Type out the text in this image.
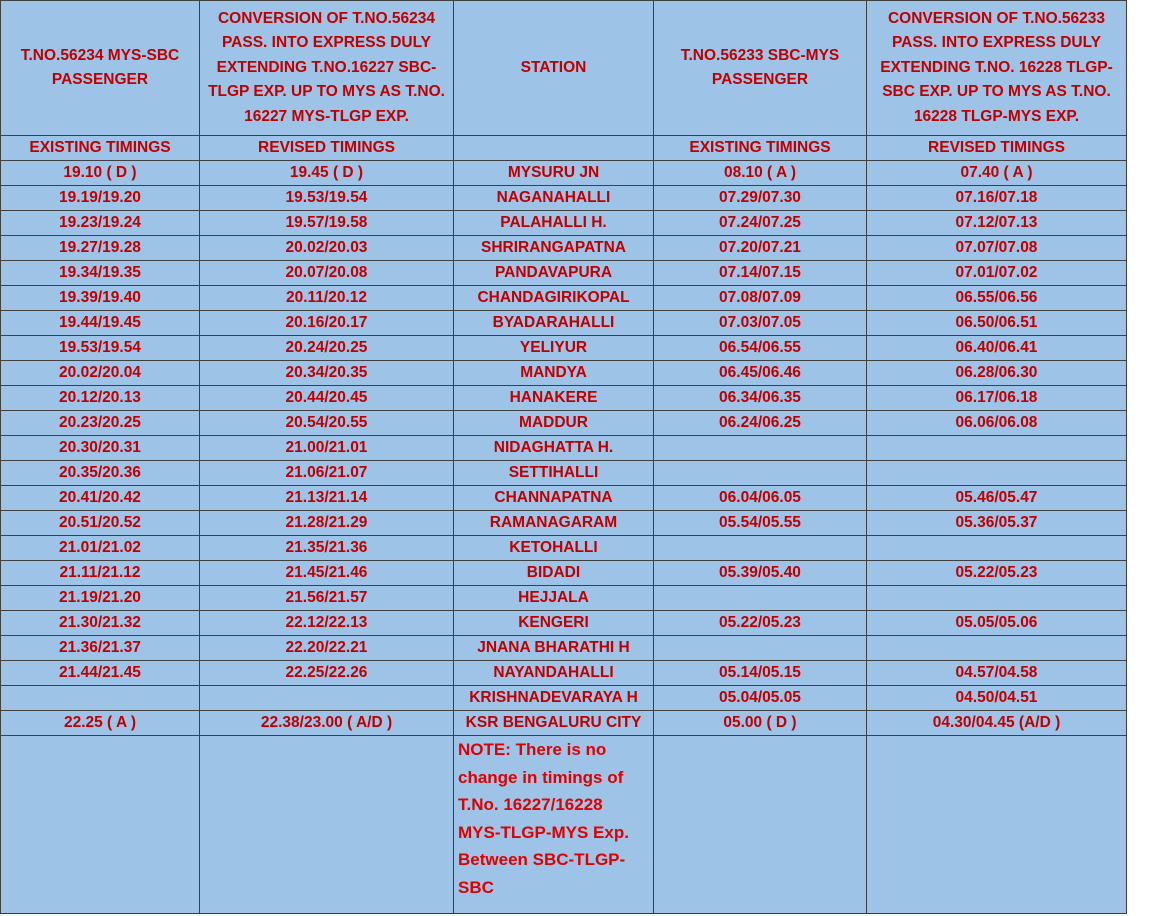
T.NO.56234 MYS-SBC PASSENGER	CONVERSION OF T.NO.56234 PASS. INTO EXPRESS DULY EXTENDING T.NO.16227 SBC-TLGP EXP. UP TO MYS AS T.NO. 16227 MYS-TLGP EXP.	STATION	T.NO.56233 SBC-MYS PASSENGER	CONVERSION OF T.NO.56233 PASS. INTO EXPRESS DULY EXTENDING T.NO. 16228 TLGP-SBC EXP. UP TO MYS AS T.NO. 16228 TLGP-MYS EXP.
EXISTING TIMINGS	REVISED TIMINGS		EXISTING TIMINGS	REVISED TIMINGS
19.10 ( D )	19.45 ( D )	MYSURU JN	08.10 ( A )	07.40 ( A )
19.19/19.20	19.53/19.54	NAGANAHALLI	07.29/07.30	07.16/07.18
19.23/19.24	19.57/19.58	PALAHALLI H.	07.24/07.25	07.12/07.13
19.27/19.28	20.02/20.03	SHRIRANGAPATNA	07.20/07.21	07.07/07.08
19.34/19.35	20.07/20.08	PANDAVAPURA	07.14/07.15	07.01/07.02
19.39/19.40	20.11/20.12	CHANDAGIRIKOPAL	07.08/07.09	06.55/06.56
19.44/19.45	20.16/20.17	BYADARAHALLI	07.03/07.05	06.50/06.51
19.53/19.54	20.24/20.25	YELIYUR	06.54/06.55	06.40/06.41
20.02/20.04	20.34/20.35	MANDYA	06.45/06.46	06.28/06.30
20.12/20.13	20.44/20.45	HANAKERE	06.34/06.35	06.17/06.18
20.23/20.25	20.54/20.55	MADDUR	06.24/06.25	06.06/06.08
20.30/20.31	21.00/21.01	NIDAGHATTA H.		
20.35/20.36	21.06/21.07	SETTIHALLI		
20.41/20.42	21.13/21.14	CHANNAPATNA	06.04/06.05	05.46/05.47
20.51/20.52	21.28/21.29	RAMANAGARAM	05.54/05.55	05.36/05.37
21.01/21.02	21.35/21.36	KETOHALLI		
21.11/21.12	21.45/21.46	BIDADI	05.39/05.40	05.22/05.23
21.19/21.20	21.56/21.57	HEJJALA		
21.30/21.32	22.12/22.13	KENGERI	05.22/05.23	05.05/05.06
21.36/21.37	22.20/22.21	JNANA BHARATHI H		
21.44/21.45	22.25/22.26	NAYANDAHALLI	05.14/05.15	04.57/04.58
		KRISHNADEVARAYA H	05.04/05.05	04.50/04.51
22.25 ( A )	22.38/23.00 ( A/D )	KSR BENGALURU CITY	05.00 ( D )	04.30/04.45 (A/D )
		NOTE: There is no change in timings of T.No. 16227/16228 MYS-TLGP-MYS Exp. Between SBC-TLGP-SBC		
